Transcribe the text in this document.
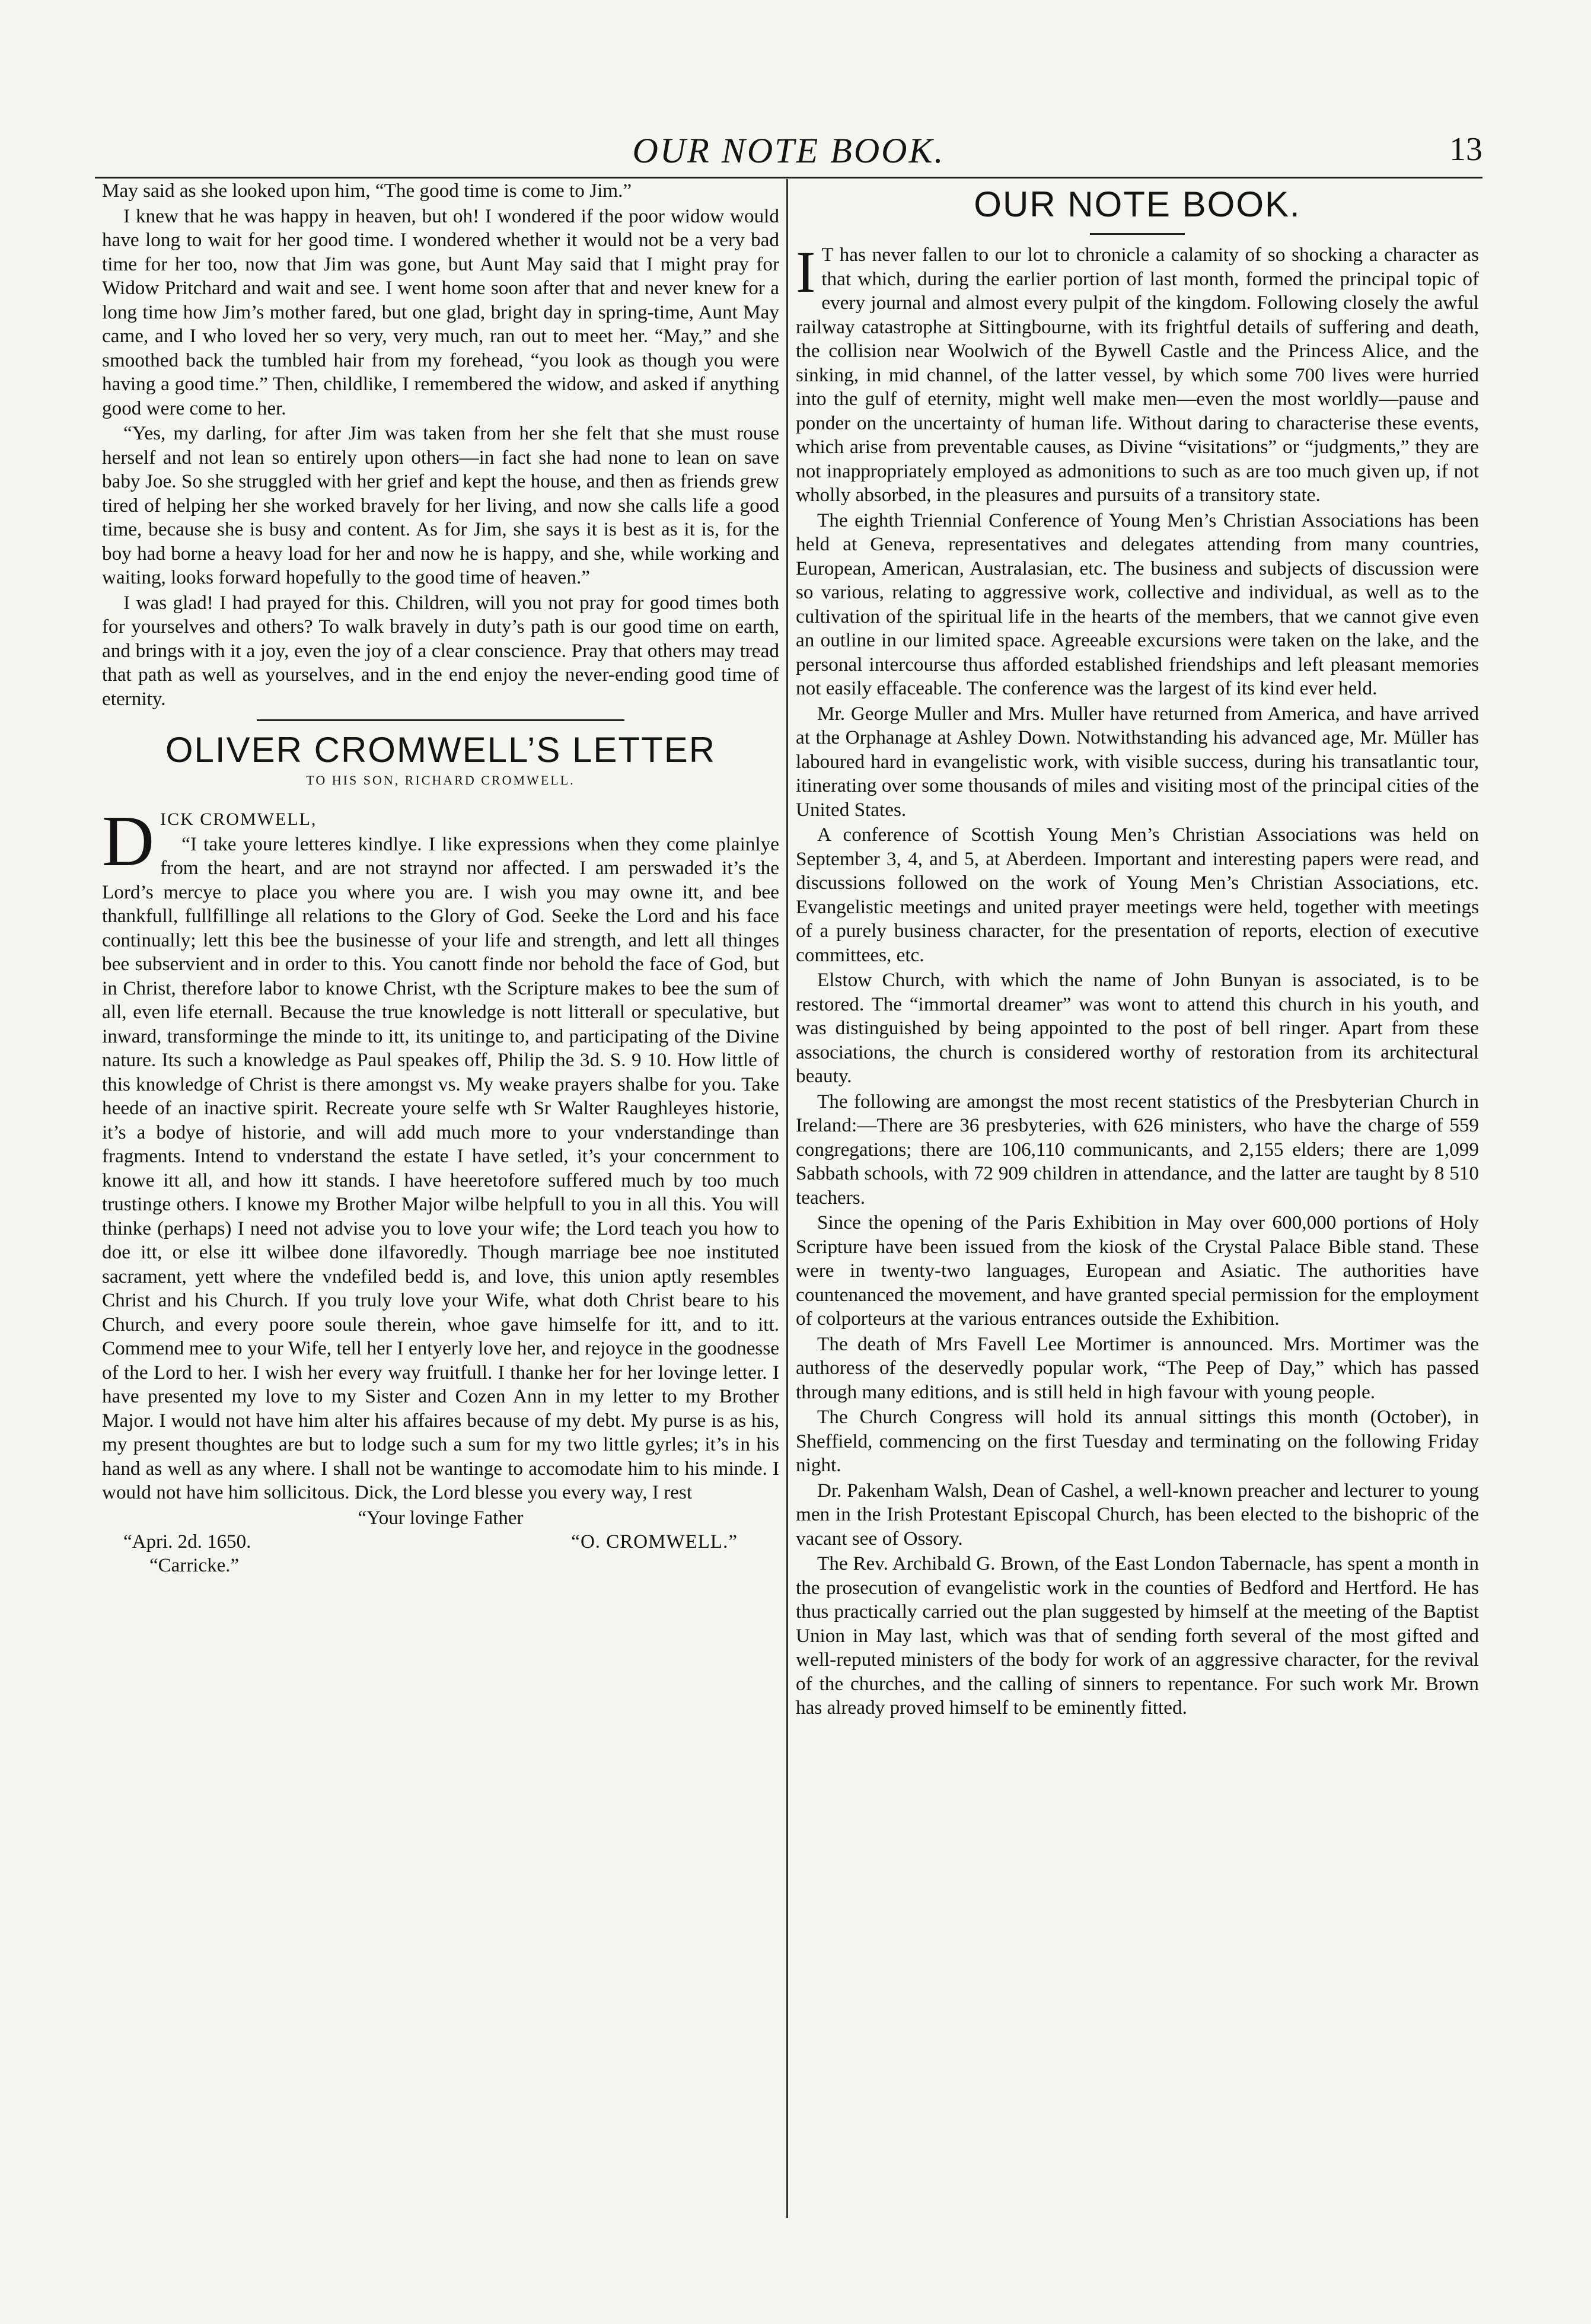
OUR NOTE BOOK.	13

May said as she looked upon him, “The good time is come to Jim.”

I knew that he was happy in heaven, but oh! I wondered if the poor widow would have long to wait for her good time. I wondered whether it would not be a very bad time for her too, now that Jim was gone, but Aunt May said that I might pray for Widow Pritchard and wait and see. I went home soon after that and never knew for a long time how Jim’s mother fared, but one glad, bright day in spring-time, Aunt May came, and I who loved her so very, very much, ran out to meet her. “May,” and she smoothed back the tumbled hair from my forehead, “you look as though you were having a good time.” Then, childlike, I remembered the widow, and asked if anything good were come to her.

“Yes, my darling, for after Jim was taken from her she felt that she must rouse herself and not lean so entirely upon others—in fact she had none to lean on save baby Joe. So she struggled with her grief and kept the house, and then as friends grew tired of helping her she worked bravely for her living, and now she calls life a good time, because she is busy and content. As for Jim, she says it is best as it is, for the boy had borne a heavy load for her and now he is happy, and she, while working and waiting, looks forward hopefully to the good time of heaven.”

I was glad! I had prayed for this. Children, will you not pray for good times both for yourselves and others? To walk bravely in duty’s path is our good time on earth, and brings with it a joy, even the joy of a clear conscience. Pray that others may tread that path as well as yourselves, and in the end enjoy the never-ending good time of eternity.

OLIVER CROMWELL’S LETTER
TO HIS SON, RICHARD CROMWELL.
D ICK CROMWELL,

“I take youre letteres kindlye. I like expressions when they come plainlye from the heart, and are not straynd nor affected. I am perswaded it’s the Lord’s mercye to place you where you are. I wish you may owne itt, and bee thankfull, fullfillinge all relations to the Glory of God. Seeke the Lord and his face continually; lett this bee the businesse of your life and strength, and lett all thinges bee subservient and in order to this. You canott finde nor behold the face of God, but in Christ, therefore labor to knowe Christ, wth the Scripture makes to bee the sum of all, even life eternall. Because the true knowledge is nott litterall or speculative, but inward, transforminge the minde to itt, its unitinge to, and participating of the Divine nature. Its such a knowledge as Paul speakes off, Philip the 3d. S. 9 10. How little of this knowledge of Christ is there amongst vs. My weake prayers shalbe for you. Take heede of an inactive spirit. Recreate youre selfe wth Sr Walter Raughleyes historie, it’s a bodye of historie, and will add much more to your vnderstandinge than fragments. Intend to vnderstand the estate I have setled, it’s your concernment to knowe itt all, and how itt stands. I have heeretofore suffered much by too much trustinge others. I knowe my Brother Major wilbe helpfull to you in all this. You will thinke (perhaps) I need not advise you to love your wife; the Lord teach you how to doe itt, or else itt wilbee done ilfavoredly. Though marriage bee noe instituted sacrament, yett where the vndefiled bedd is, and love, this union aptly resembles Christ and his Church. If you truly love your Wife, what doth Christ beare to his Church, and every poore soule therein, whoe gave himselfe for itt, and to itt. Commend mee to your Wife, tell her I entyerly love her, and rejoyce in the goodnesse of the Lord to her. I wish her every way fruitfull. I thanke her for her lovinge letter. I have presented my love to my Sister and Cozen Ann in my letter to my Brother Major. I would not have him alter his affaires because of my debt. My purse is as his, my present thoughtes are but to lodge such a sum for my two little gyrles; it’s in his hand as well as any where. I shall not be wantinge to accomodate him to his minde. I would not have him sollicitous. Dick, the Lord blesse you every way, I rest

“Your lovinge Father
“Apri. 2d. 1650.	“O. CROMWELL.”
“Carricke.”
OUR NOTE BOOK.

I T has never fallen to our lot to chronicle a calamity of so shocking a character as that which, during the earlier portion of last month, formed the principal topic of every journal and almost every pulpit of the kingdom. Following closely the awful railway catastrophe at Sittingbourne, with its frightful details of suffering and death, the collision near Woolwich of the Bywell Castle and the Princess Alice, and the sinking, in mid channel, of the latter vessel, by which some 700 lives were hurried into the gulf of eternity, might well make men—even the most worldly—pause and ponder on the uncertainty of human life. Without daring to characterise these events, which arise from preventable causes, as Divine “visitations” or “judgments,” they are not inappropriately employed as admonitions to such as are too much given up, if not wholly absorbed, in the pleasures and pursuits of a transitory state.

The eighth Triennial Conference of Young Men’s Christian Associations has been held at Geneva, representatives and delegates attending from many countries, European, American, Australasian, etc. The business and subjects of discussion were so various, relating to aggressive work, collective and individual, as well as to the cultivation of the spiritual life in the hearts of the members, that we cannot give even an outline in our limited space. Agreeable excursions were taken on the lake, and the personal intercourse thus afforded established friendships and left pleasant memories not easily effaceable. The conference was the largest of its kind ever held.

Mr. George Muller and Mrs. Muller have returned from America, and have arrived at the Orphanage at Ashley Down. Notwithstanding his advanced age, Mr. Müller has laboured hard in evangelistic work, with visible success, during his transatlantic tour, itinerating over some thousands of miles and visiting most of the principal cities of the United States.

A conference of Scottish Young Men’s Christian Associations was held on September 3, 4, and 5, at Aberdeen. Important and interesting papers were read, and discussions followed on the work of Young Men’s Christian Associations, etc. Evangelistic meetings and united prayer meetings were held, together with meetings of a purely business character, for the presentation of reports, election of executive committees, etc.

Elstow Church, with which the name of John Bunyan is associated, is to be restored. The “immortal dreamer” was wont to attend this church in his youth, and was distinguished by being appointed to the post of bell ringer. Apart from these associations, the church is considered worthy of restoration from its architectural beauty.

The following are amongst the most recent statistics of the Presbyterian Church in Ireland:—There are 36 presbyteries, with 626 ministers, who have the charge of 559 congregations; there are 106,110 communicants, and 2,155 elders; there are 1,099 Sabbath schools, with 72 909 children in attendance, and the latter are taught by 8 510 teachers.

Since the opening of the Paris Exhibition in May over 600,000 portions of Holy Scripture have been issued from the kiosk of the Crystal Palace Bible stand. These were in twenty-two languages, European and Asiatic. The authorities have countenanced the movement, and have granted special permission for the employment of colporteurs at the various entrances outside the Exhibition.

The death of Mrs Favell Lee Mortimer is announced. Mrs. Mortimer was the authoress of the deservedly popular work, “The Peep of Day,” which has passed through many editions, and is still held in high favour with young people.

The Church Congress will hold its annual sittings this month (October), in Sheffield, commencing on the first Tuesday and terminating on the following Friday night.

Dr. Pakenham Walsh, Dean of Cashel, a well-known preacher and lecturer to young men in the Irish Protestant Episcopal Church, has been elected to the bishopric of the vacant see of Ossory.

The Rev. Archibald G. Brown, of the East London Tabernacle, has spent a month in the prosecution of evangelistic work in the counties of Bedford and Hertford. He has thus practically carried out the plan suggested by himself at the meeting of the Baptist Union in May last, which was that of sending forth several of the most gifted and well-reputed ministers of the body for work of an aggressive character, for the revival of the churches, and the calling of sinners to repentance. For such work Mr. Brown has already proved himself to be eminently fitted.
